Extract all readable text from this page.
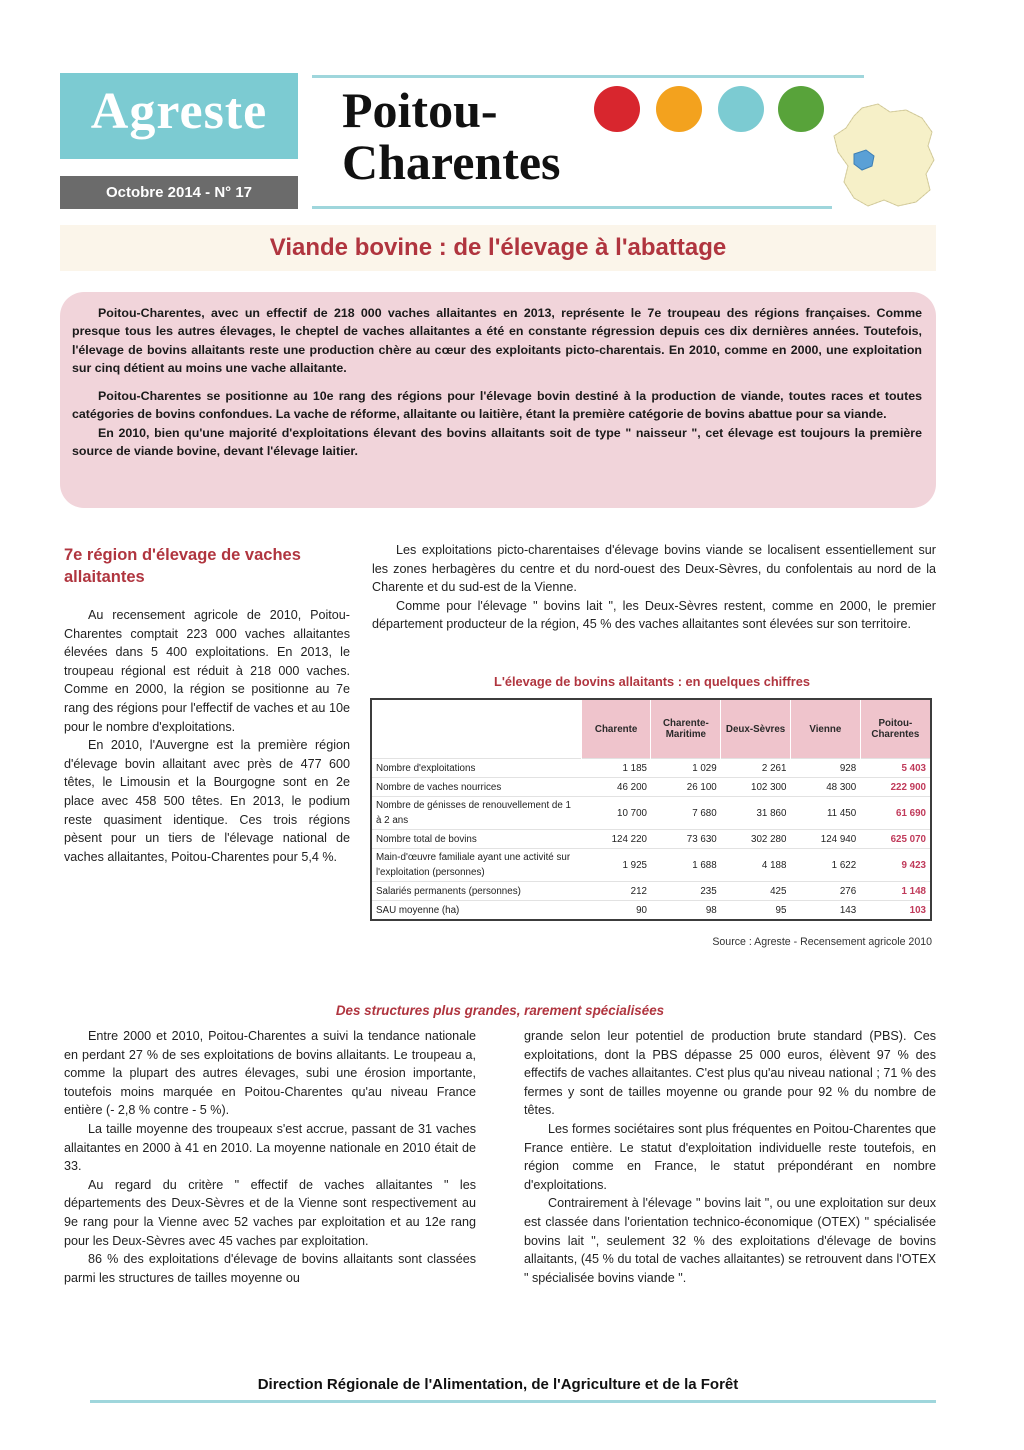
Agreste
Octobre 2014 - N° 17
Poitou-
Charentes
Viande bovine : de l'élevage à l'abattage

Poitou-Charentes, avec un effectif de 218 000 vaches allaitantes en 2013, représente le 7e troupeau des régions françaises. Comme presque tous les autres élevages, le cheptel de vaches allaitantes a été en constante régression depuis ces dix dernières années. Toutefois, l'élevage de bovins allaitants reste une production chère au cœur des exploitants picto-charentais. En 2010, comme en 2000, une exploitation sur cinq détient au moins une vache allaitante.

Poitou-Charentes se positionne au 10e rang des régions pour l'élevage bovin destiné à la production de viande, toutes races et toutes catégories de bovins confondues. La vache de réforme, allaitante ou laitière, étant la première catégorie de bovins abattue pour sa viande.

En 2010, bien qu'une majorité d'exploitations élevant des bovins allaitants soit de type " naisseur ", cet élevage est toujours la première source de viande bovine, devant l'élevage laitier.

7e région d'élevage de vaches allaitantes

Au recensement agricole de 2010, Poitou-Charentes comptait 223 000 vaches allaitantes élevées dans 5 400 exploitations. En 2013, le troupeau régional est réduit à 218 000 vaches. Comme en 2000, la région se positionne au 7e rang des régions pour l'effectif de vaches et au 10e pour le nombre d'exploitations.

En 2010, l'Auvergne est la première région d'élevage bovin allaitant avec près de 477 600 têtes, le Limousin et la Bourgogne sont en 2e place avec 458 500 têtes. En 2013, le podium reste quasiment identique. Ces trois régions pèsent pour un tiers de l'élevage national de vaches allaitantes, Poitou-Charentes pour 5,4 %.

Les exploitations picto-charentaises d'élevage bovins viande se localisent essentiellement sur les zones herbagères du centre et du nord-ouest des Deux-Sèvres, du confolentais au nord de la Charente et du sud-est de la Vienne.

Comme pour l'élevage " bovins lait ", les Deux-Sèvres restent, comme en 2000, le premier département producteur de la région, 45 % des vaches allaitantes sont élevées sur son territoire.

L'élevage de bovins allaitants : en quelques chiffres
	Charente	Charente-Maritime	Deux-Sèvres	Vienne	Poitou-Charentes
Nombre d'exploitations	1 185	1 029	2 261	928	5 403
Nombre de vaches nourrices	46 200	26 100	102 300	48 300	222 900
Nombre de génisses de renouvellement de 1 à 2 ans	10 700	7 680	31 860	11 450	61 690
Nombre total de bovins	124 220	73 630	302 280	124 940	625 070
Main-d'œuvre familiale ayant une activité sur l'exploitation (personnes)	1 925	1 688	4 188	1 622	9 423
Salariés permanents (personnes)	212	235	425	276	1 148
SAU moyenne (ha)	90	98	95	143	103
Source : Agreste - Recensement agricole 2010
Des structures plus grandes, rarement spécialisées

Entre 2000 et 2010, Poitou-Charentes a suivi la tendance nationale en perdant 27 % de ses exploitations de bovins allaitants. Le troupeau a, comme la plupart des autres élevages, subi une érosion importante, toutefois moins marquée en Poitou-Charentes qu'au niveau France entière (- 2,8 % contre - 5 %).

La taille moyenne des troupeaux s'est accrue, passant de 31 vaches allaitantes en 2000 à 41 en 2010. La moyenne nationale en 2010 était de 33.

Au regard du critère " effectif de vaches allaitantes " les départements des Deux-Sèvres et de la Vienne sont respectivement au 9e rang pour la Vienne avec 52 vaches par exploitation et au 12e rang pour les Deux-Sèvres avec 45 vaches par exploitation.

86 % des exploitations d'élevage de bovins allaitants sont classées parmi les structures de tailles moyenne ou

grande selon leur potentiel de production brute standard (PBS). Ces exploitations, dont la PBS dépasse 25 000 euros, élèvent 97 % des effectifs de vaches allaitantes. C'est plus qu'au niveau national ; 71 % des fermes y sont de tailles moyenne ou grande pour 92 % du nombre de têtes.

Les formes sociétaires sont plus fréquentes en Poitou-Charentes que France entière. Le statut d'exploitation individuelle reste toutefois, en région comme en France, le statut prépondérant en nombre d'exploitations.

Contrairement à l'élevage " bovins lait ", ou une exploitation sur deux est classée dans l'orientation technico-économique (OTEX) " spécialisée bovins lait ", seulement 32 % des exploitations d'élevage de bovins allaitants, (45 % du total de vaches allaitantes) se retrouvent dans l'OTEX " spécialisée bovins viande ".

Direction Régionale de l'Alimentation, de l'Agriculture et de la Forêt
